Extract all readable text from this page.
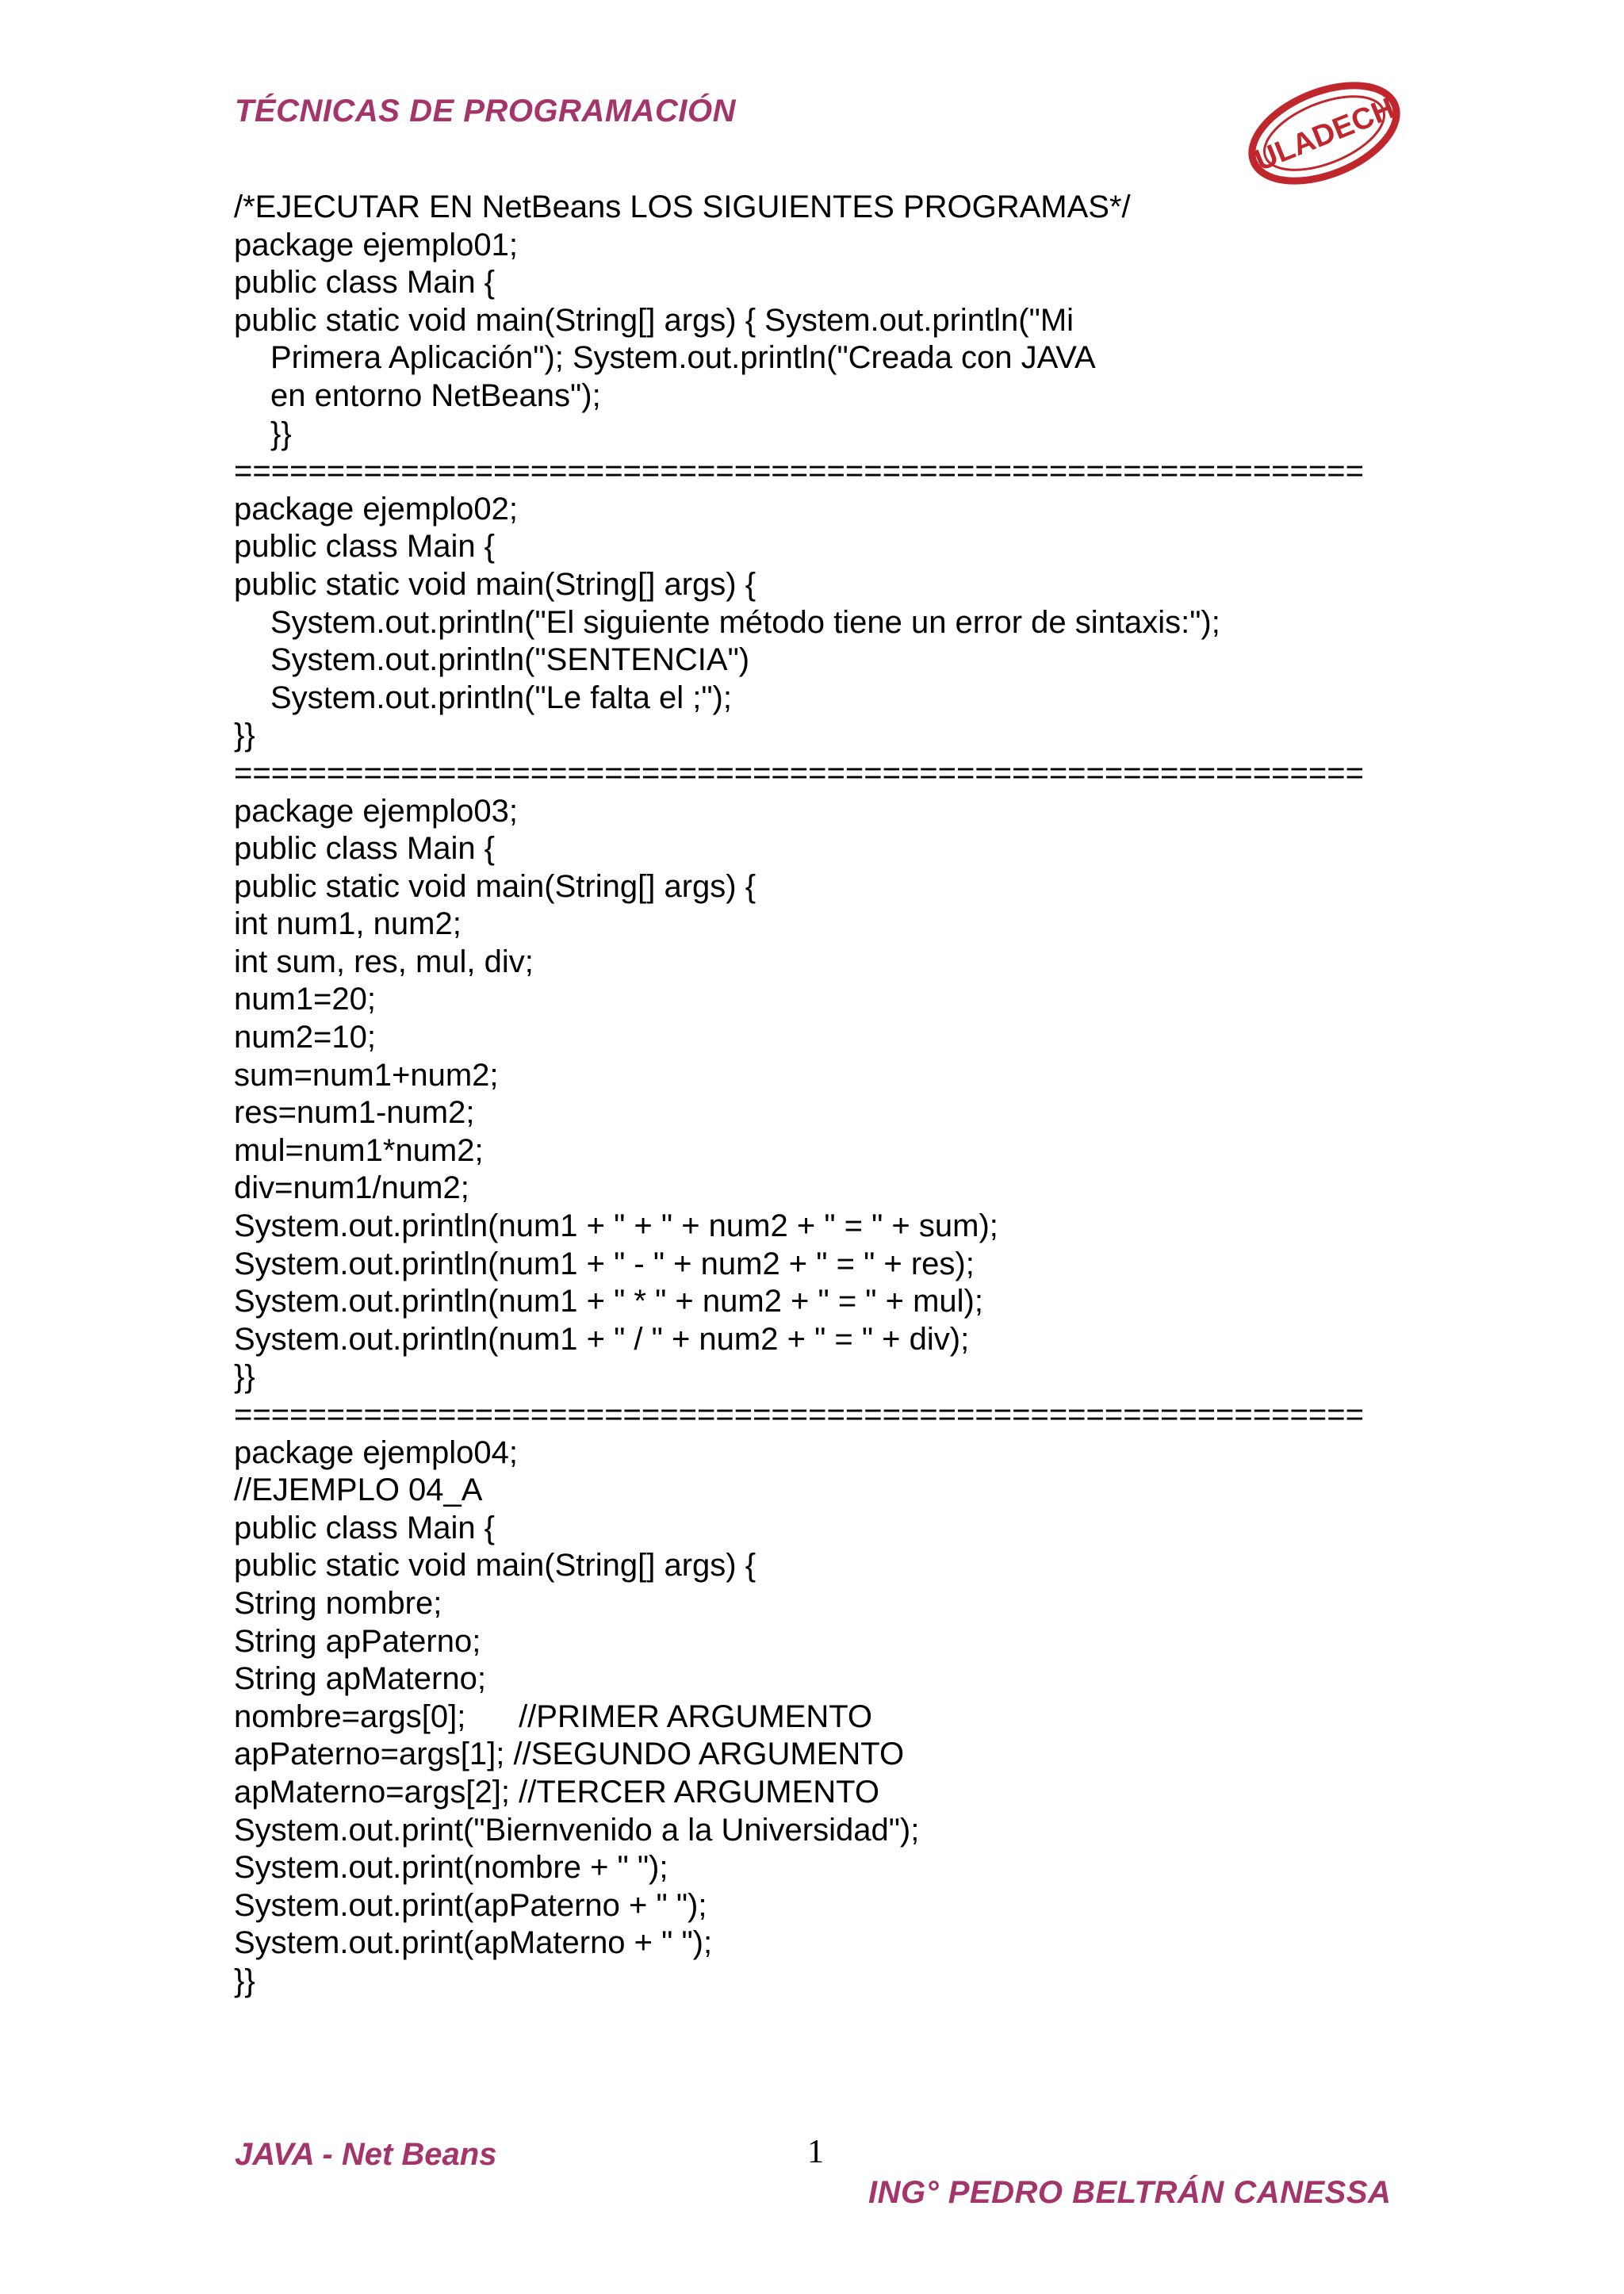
TÉCNICAS DE PROGRAMACIÓN	ULADECH
/*EJECUTAR EN NetBeans LOS SIGUIENTES PROGRAMAS*/
package ejemplo01;
public class Main {
public static void main(String[] args) { System.out.println("Mi
Primera Aplicación"); System.out.println("Creada con JAVA
en entorno NetBeans");
}}
=============================================================
package ejemplo02;
public class Main {
public static void main(String[] args) {
System.out.println("El siguiente método tiene un error de sintaxis:");
System.out.println("SENTENCIA")
System.out.println("Le falta el ;");
}}
=============================================================
package ejemplo03;
public class Main {
public static void main(String[] args) {
int num1, num2;
int sum, res, mul, div;
num1=20;
num2=10;
sum=num1+num2;
res=num1-num2;
mul=num1*num2;
div=num1/num2;
System.out.println(num1 + " + " + num2 + " = " + sum);
System.out.println(num1 + " - " + num2 + " = " + res);
System.out.println(num1 + " * " + num2 + " = " + mul);
System.out.println(num1 + " / " + num2 + " = " + div);
}}
=============================================================
package ejemplo04;
//EJEMPLO 04_A
public class Main {
public static void main(String[] args) {
String nombre;
String apPaterno;
String apMaterno;
nombre=args[0];      //PRIMER ARGUMENTO
apPaterno=args[1]; //SEGUNDO ARGUMENTO
apMaterno=args[2]; //TERCER ARGUMENTO
System.out.print("Biernvenido a la Universidad");
System.out.print(nombre + " ");
System.out.print(apPaterno + " ");
System.out.print(apMaterno + " ");
}}
JAVA - Net Beans	1
ING° PEDRO BELTRÁN CANESSA
